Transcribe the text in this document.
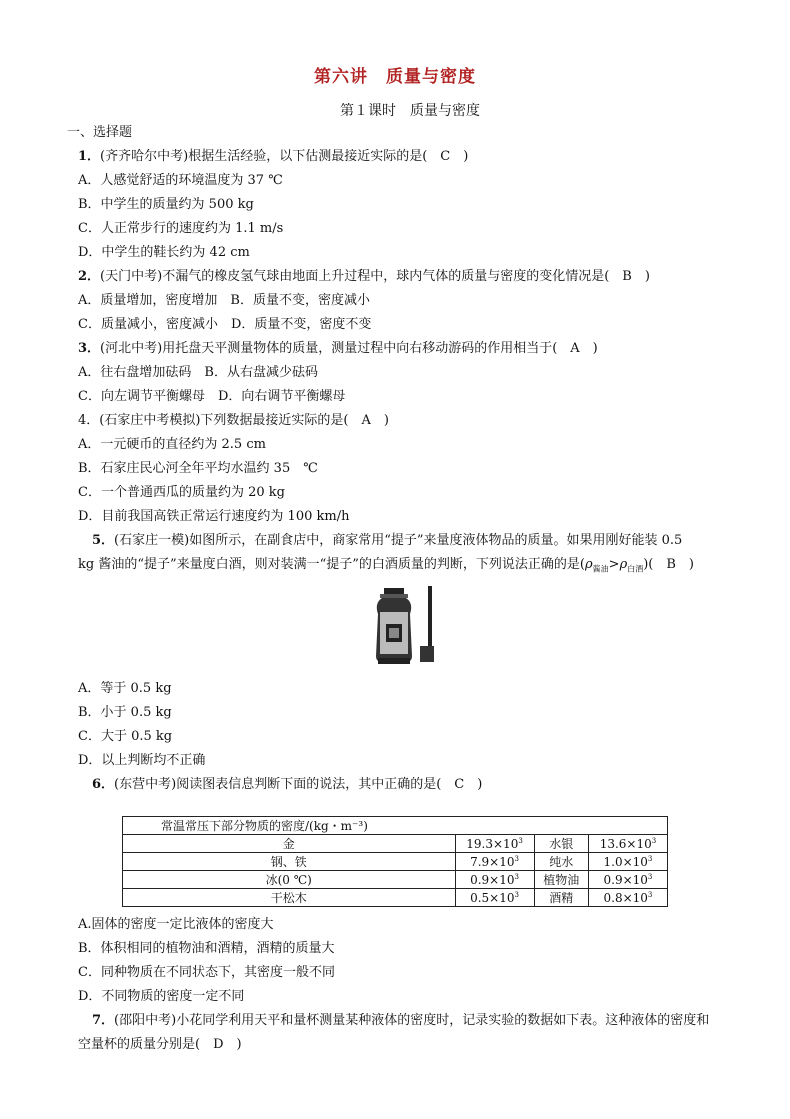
第六讲　质量与密度
第１课时　质量与密度
一、选择题
1．(齐齐哈尔中考)根据生活经验，以下估测最接近实际的是(　C　)
A．人感觉舒适的环境温度为 37 ℃
B．中学生的质量约为 500 kg
C．人正常步行的速度约为 1.1 m/s
D．中学生的鞋长约为 42 cm
2．(天门中考)不漏气的橡皮氢气球由地面上升过程中，球内气体的质量与密度的变化情况是(　B　)
A．质量增加，密度增加　B．质量不变，密度减小
C．质量减小，密度减小　D．质量不变，密度不变
3．(河北中考)用托盘天平测量物体的质量，测量过程中向右移动游码的作用相当于(　A　)
A．往右盘增加砝码　B．从右盘减少砝码
C．向左调节平衡螺母　D．向右调节平衡螺母
4．(石家庄中考模拟)下列数据最接近实际的是(　A　)
A．一元硬币的直径约为 2.5 cm
B．石家庄民心河全年平均水温约 35　℃
C．一个普通西瓜的质量约为 20 kg
D．目前我国高铁正常运行速度约为 100 km/h
5．(石家庄一模)如图所示，在副食店中，商家常用“提子”来量度液体物品的质量。如果用刚好能装 0.5
kg 酱油的“提子”来量度白酒，则对装满一“提子”的白酒质量的判断，下列说法正确的是$(\rho_{酱油}>\rho_{白酒})$(　B　)
A．等于 0.5 kg
B．小于 0.5 kg
C．大于 0.5 kg
D．以上判断均不正确
6．(东营中考)阅读图表信息判断下面的说法，其中正确的是(　C　)
常温常压下部分物质的密度/(kg・m⁻³)			
金	$19.3\times 10^3$	水银	$13.6\times 10^3$
钢、铁	$7.9\times 10^3$	纯水	$1.0\times 10^3$
冰(0 ℃)	$0.9\times 10^3$	植物油	$0.9\times 10^3$
干松木	$0.5\times 10^3$	酒精	$0.8\times 10^3$
A.固体的密度一定比液体的密度大
B．体积相同的植物油和酒精，酒精的质量大
C．同种物质在不同状态下，其密度一般不同
D．不同物质的密度一定不同
7．(邵阳中考)小花同学利用天平和量杯测量某种液体的密度时，记录实验的数据如下表。这种液体的密度和
空量杯的质量分别是(　D　)
